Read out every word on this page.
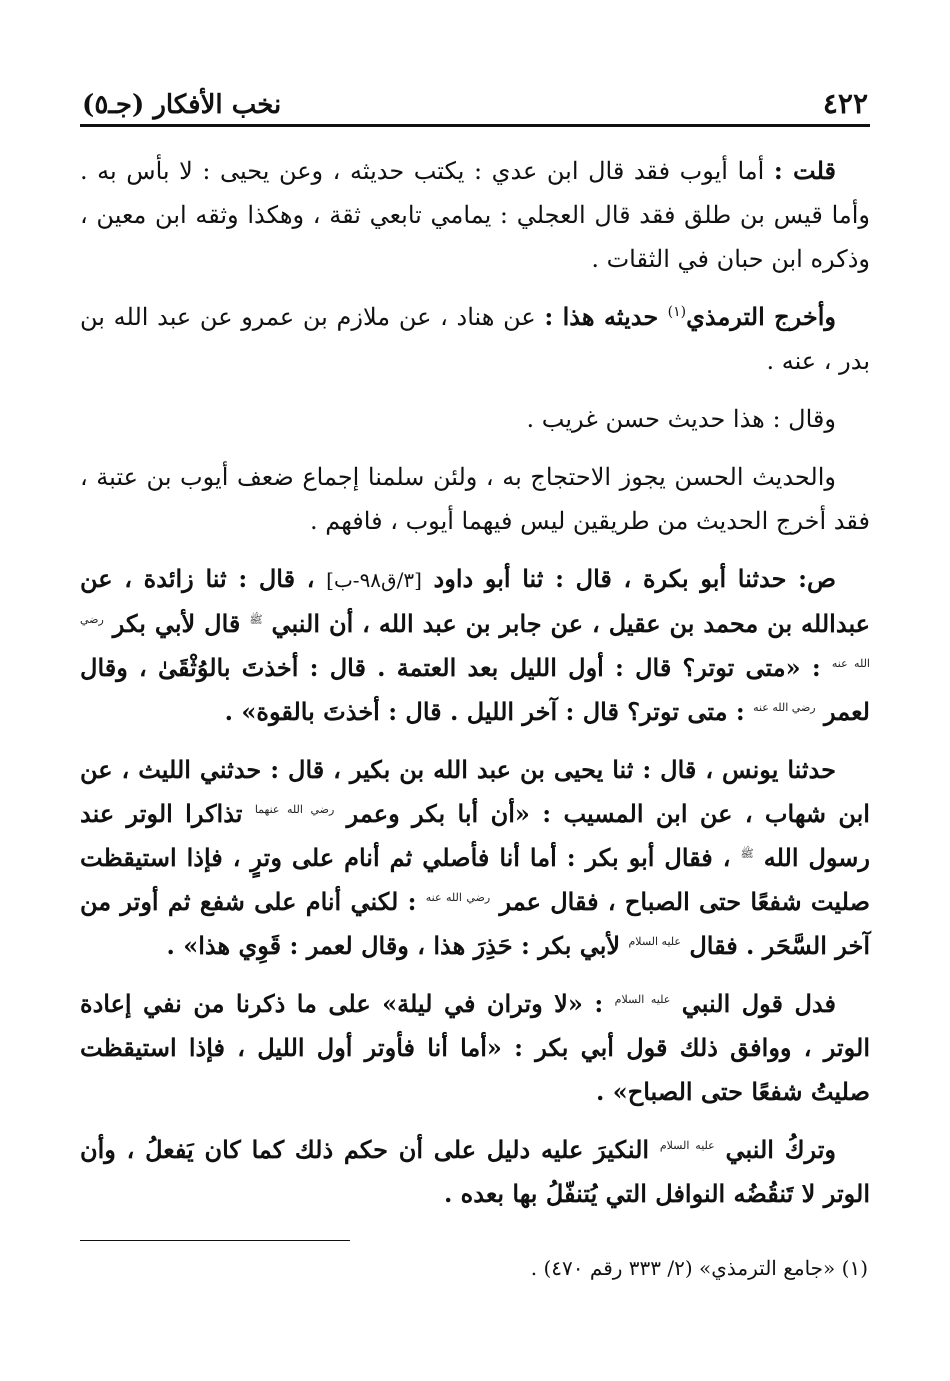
٤٢٢
نخب الأفكار (جـ٥)

قلت : أما أيوب فقد قال ابن عدي : يكتب حديثه ، وعن يحيى : لا بأس به . وأما قيس بن طلق فقد قال العجلي : يمامي تابعي ثقة ، وهكذا وثقه ابن معين ، وذكره ابن حبان في الثقات .

وأخرج الترمذي$^{(١)}$ حديثه هذا : عن هناد ، عن ملازم بن عمرو عن عبد الله بن بدر ، عنه .

وقال : هذا حديث حسن غريب .

والحديث الحسن يجوز الاحتجاج به ، ولئن سلمنا إجماع ضعف أيوب بن عتبة ، فقد أخرج الحديث من طريقين ليس فيهما أيوب ، فافهم .

ص: حدثنا أبو بكرة ، قال : ثنا أبو داود [٣/ق٩٨-ب] ، قال : ثنا زائدة ، عن عبدالله بن محمد بن عقيل ، عن جابر بن عبد الله ، أن النبي $^ﷺ$ قال لأبي بكر $^{رضي الله عنه}$ : «متى توتر؟ قال : أول الليل بعد العتمة . قال : أخذتَ بالوُثْقَىٰ ، وقال لعمر $^{رضي الله عنه}$ : متى توتر؟ قال : آخر الليل . قال : أخذتَ بالقوة» .

حدثنا يونس ، قال : ثنا يحيى بن عبد الله بن بكير ، قال : حدثني الليث ، عن ابن شهاب ، عن ابن المسيب : «أن أبا بكر وعمر $^{رضي الله عنهما}$ تذاكرا الوتر عند رسول الله $^ﷺ$ ، فقال أبو بكر : أما أنا فأصلي ثم أنام على وترٍ ، فإذا استيقظت صليت شفعًا حتى الصباح ، فقال عمر $^{رضي الله عنه}$ : لكني أنام على شفع ثم أوتر من آخر السَّحَر . فقال $^{عليه السلام}$ لأبي بكر : حَذِرَ هذا ، وقال لعمر : قَوِي هذا» .

فدل قول النبي $^{عليه السلام}$ : «لا وتران في ليلة» على ما ذكرنا من نفي إعادة الوتر ، ووافق ذلك قول أبي بكر : «أما أنا فأوتر أول الليل ، فإذا استيقظت صليتُ شفعًا حتى الصباح» .

وتركُ النبي $^{عليه السلام}$ النكيرَ عليه دليل على أن حكم ذلك كما كان يَفعلُ ، وأن الوتر لا تَنقُضُه النوافل التي يُتنفّلُ بها بعده .

(١) «جامع الترمذي» (٢/ ٣٣٣ رقم ٤٧٠) .
